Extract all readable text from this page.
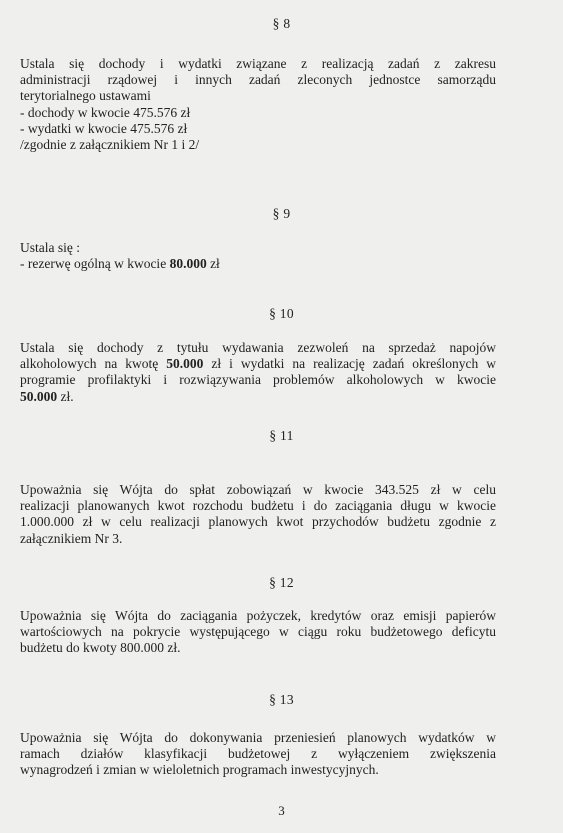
§ 8
Ustala się dochody i wydatki związane z realizacją zadań z zakresu
administracji rządowej i innych zadań zleconych jednostce samorządu
terytorialnego ustawami
- dochody w kwocie 475.576 zł
- wydatki w kwocie 475.576 zł
/zgodnie z załącznikiem Nr 1 i 2/
§ 9
Ustala się :
- rezerwę ogólną w kwocie 80.000 zł
§ 10
Ustala się dochody z tytułu wydawania zezwoleń na sprzedaż napojów
alkoholowych na kwotę 50.000 zł i wydatki na realizację zadań określonych w
programie profilaktyki i rozwiązywania problemów alkoholowych w kwocie
50.000 zł.
§ 11
Upoważnia się Wójta do spłat zobowiązań w kwocie 343.525 zł w celu
realizacji planowanych kwot rozchodu budżetu i do zaciągania długu w kwocie
1.000.000 zł w celu realizacji planowych kwot przychodów budżetu zgodnie z
załącznikiem Nr 3.
§ 12
Upoważnia się Wójta do zaciągania pożyczek, kredytów oraz emisji papierów
wartościowych na pokrycie występującego w ciągu roku budżetowego deficytu
budżetu do kwoty 800.000 zł.
§ 13
Upoważnia się Wójta do dokonywania przeniesień planowych wydatków w
ramach działów klasyfikacji budżetowej z wyłączeniem zwiększenia
wynagrodzeń i zmian w wieloletnich programach inwestycyjnych.
3
